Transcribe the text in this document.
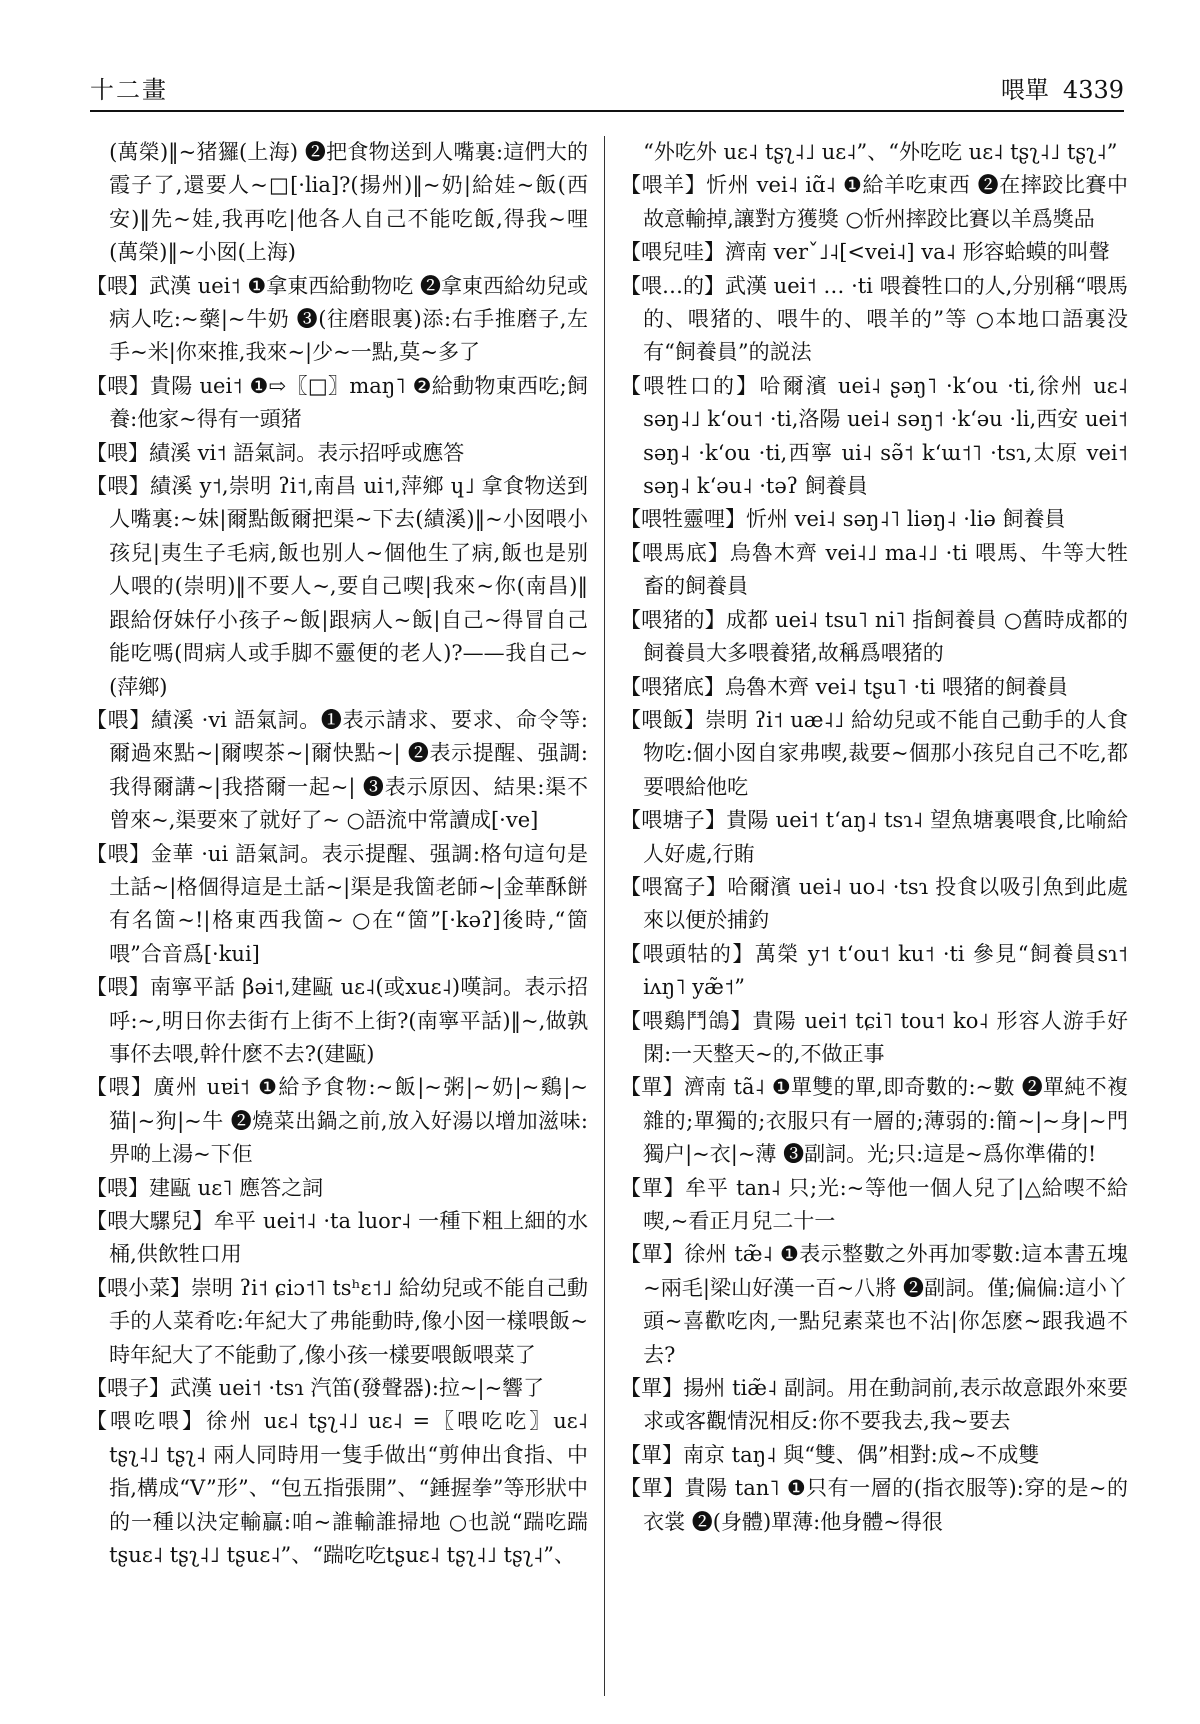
十二畫	喂單 4339

(萬榮)‖~猪玀(上海) ❷把食物送到人嘴裏:這們大的霞子了,還要人~□[·lia]?(揚州)‖~奶|給娃~飯(西安)‖先~娃,我再吃|他各人自己不能吃飯,得我~哩(萬榮)‖~小囡(上海)

【喂】武漢 uei˦ ❶拿東西給動物吃 ❷拿東西給幼兒或病人吃:~藥|~牛奶 ❸(往磨眼裏)添:右手推磨子,左手~米|你來推,我來~|少~一點,莫~多了

【喂】貴陽 uei˦ ❶⇨〖□〗maŋ˥ ❷給動物東西吃;飼養:他家~得有一頭猪

【喂】績溪 vi˦ 語氣詞。表示招呼或應答

【喂】績溪 y˦,崇明 ʔi˦,南昌 ui˦,萍鄉 ɥ˩ 拿食物送到人嘴裏:~妹|爾點飯爾把渠~下去(績溪)‖~小囡喂小孩兒|夷生子毛病,飯也别人~個他生了病,飯也是别人喂的(崇明)‖不要人~,要自己喫|我來~你(南昌)‖跟給伢妹仔小孩子~飯|跟病人~飯|自己~得冒自己能吃嗎(問病人或手脚不靈便的老人)?——我自己~(萍鄉)

【喂】績溪 ·vi 語氣詞。❶表示請求、要求、命令等:爾過來點~|爾喫茶~|爾快點~| ❷表示提醒、强調:我得爾講~|我搭爾一起~| ❸表示原因、結果:渠不曾來~,渠要來了就好了~ ○語流中常讀成[·ve]

【喂】金華 ·ui 語氣詞。表示提醒、强調:格句這句是土話~|格個得這是土話~|渠是我箇老師~|金華酥餅有名箇~!|格東西我箇~ ○在“箇”[·kəʔ]後時,“箇喂”合音爲[·kui]

【喂】南寧平話 βəi˦,建甌 uɛ˨(或xuɛ˨)嘆詞。表示招呼:~,明日你去街冇上街不上街?(南寧平話)‖~,做孰事伓去喂,幹什麽不去?(建甌)

【喂】廣州 uɐi˦ ❶給予食物:~飯|~粥|~奶|~鷄|~猫|~狗|~牛 ❷燒菜出鍋之前,放入好湯以增加滋味:畀啲上湯~下佢

【喂】建甌 uɛ˥ 應答之詞

【喂大騾兒】牟平 uei˦˨ ·ta luor˨ 一種下粗上細的水桶,供飲牲口用

【喂小菜】崇明 ʔi˦ ɕiɔ˦˥ tsʰɛ˦˩ 給幼兒或不能自己動手的人菜肴吃:年紀大了弗能動時,像小囡一樣喂飯~時年紀大了不能動了,像小孩一樣要喂飯喂菜了

【喂子】武漢 uei˦ ·tsɿ 汽笛(發聲器):拉~|~響了

【喂吃喂】徐州 uɛ˨ tʂʅ˨˩ uɛ˨ =〖喂吃吃〗uɛ˨ tʂʅ˨˩ tʂʅ˨ 兩人同時用一隻手做出“剪伸出食指、中指,構成“V”形”、“包五指張開”、“錘握拳”等形狀中的一種以決定輸贏:咱~誰輸誰掃地 ○也説“踹吃踹tʂuɛ˨ tʂʅ˨˩ tʂuɛ˨”、“踹吃吃tʂuɛ˨ tʂʅ˨˩ tʂʅ˨”、

“外吃外 uɛ˨ tʂʅ˨˩ uɛ˨”、“外吃吃 uɛ˨ tʂʅ˨˩ tʂʅ˨”

【喂羊】忻州 vei˨ iɑ̃˨ ❶給羊吃東西 ❷在摔跤比賽中故意輸掉,讓對方獲獎 ○忻州摔跤比賽以羊爲獎品

【喂兒哇】濟南 verˇ˩˨[<vei˨] va˨ 形容蛤蟆的叫聲

【喂…的】武漢 uei˦ … ·ti 喂養牲口的人,分别稱“喂馬的、喂猪的、喂牛的、喂羊的”等 ○本地口語裏没有“飼養員”的説法

【喂牲口的】哈爾濱 uei˨ ʂəŋ˥ ·kʻou ·ti,徐州 uɛ˨ səŋ˨˩ kʻou˦ ·ti,洛陽 uei˨ səŋ˦ ·kʻəu ·li,西安 uei˦ səŋ˨ ·kʻou ·ti,西寧 ui˨ sə̃˦ kʻɯ˦˥ ·tsɿ,太原 vei˦ səŋ˨ kʻəu˨ ·təʔ 飼養員

【喂牲靈哩】忻州 vei˨ səŋ˨˥ liəŋ˨ ·liə 飼養員

【喂馬底】烏魯木齊 vei˨˩ ma˨˩ ·ti 喂馬、牛等大牲畜的飼養員

【喂猪的】成都 uei˨ tsu˥ ni˥ 指飼養員 ○舊時成都的飼養員大多喂養猪,故稱爲喂猪的

【喂猪底】烏魯木齊 vei˨ tʂu˥ ·ti 喂猪的飼養員

【喂飯】崇明 ʔi˦ uæ˨˩ 給幼兒或不能自己動手的人食物吃:個小囡自家弗喫,裁要~個那小孩兒自己不吃,都要喂給他吃

【喂塘子】貴陽 uei˦ tʻaŋ˨ tsɿ˨ 望魚塘裏喂食,比喻給人好處,行賄

【喂窩子】哈爾濱 uei˨ uo˨ ·tsɿ 投食以吸引魚到此處來以便於捕釣

【喂頭牯的】萬榮 y˦ tʻou˦ ku˦ ·ti 參見“飼養員sɿ˦ iʌŋ˥ yæ̃˦”

【喂鷄鬥鴿】貴陽 uei˦ tɕi˥ tou˦ ko˨ 形容人游手好閑:一天整天~的,不做正事

【單】濟南 tã˨ ❶單雙的單,即奇數的:~數 ❷單純不複雜的;單獨的;衣服只有一層的;薄弱的:簡~|~身|~門獨户|~衣|~薄 ❸副詞。光;只:這是~爲你準備的!

【單】牟平 tan˨ 只;光:~等他一個人兒了|△給喫不給喫,~看正月兒二十一

【單】徐州 tæ̃˨ ❶表示整數之外再加零數:這本書五塊~兩毛|梁山好漢一百~八將 ❷副詞。僅;偏偏:這小丫頭~喜歡吃肉,一點兒素菜也不沾|你怎麽~跟我過不去?

【單】揚州 tiæ̃˨ 副詞。用在動詞前,表示故意跟外來要求或客觀情況相反:你不要我去,我~要去

【單】南京 taŋ˨ 與“雙、偶”相對:成~不成雙

【單】貴陽 tan˥ ❶只有一層的(指衣服等):穿的是~的衣裳 ❷(身體)單薄:他身體~得很
